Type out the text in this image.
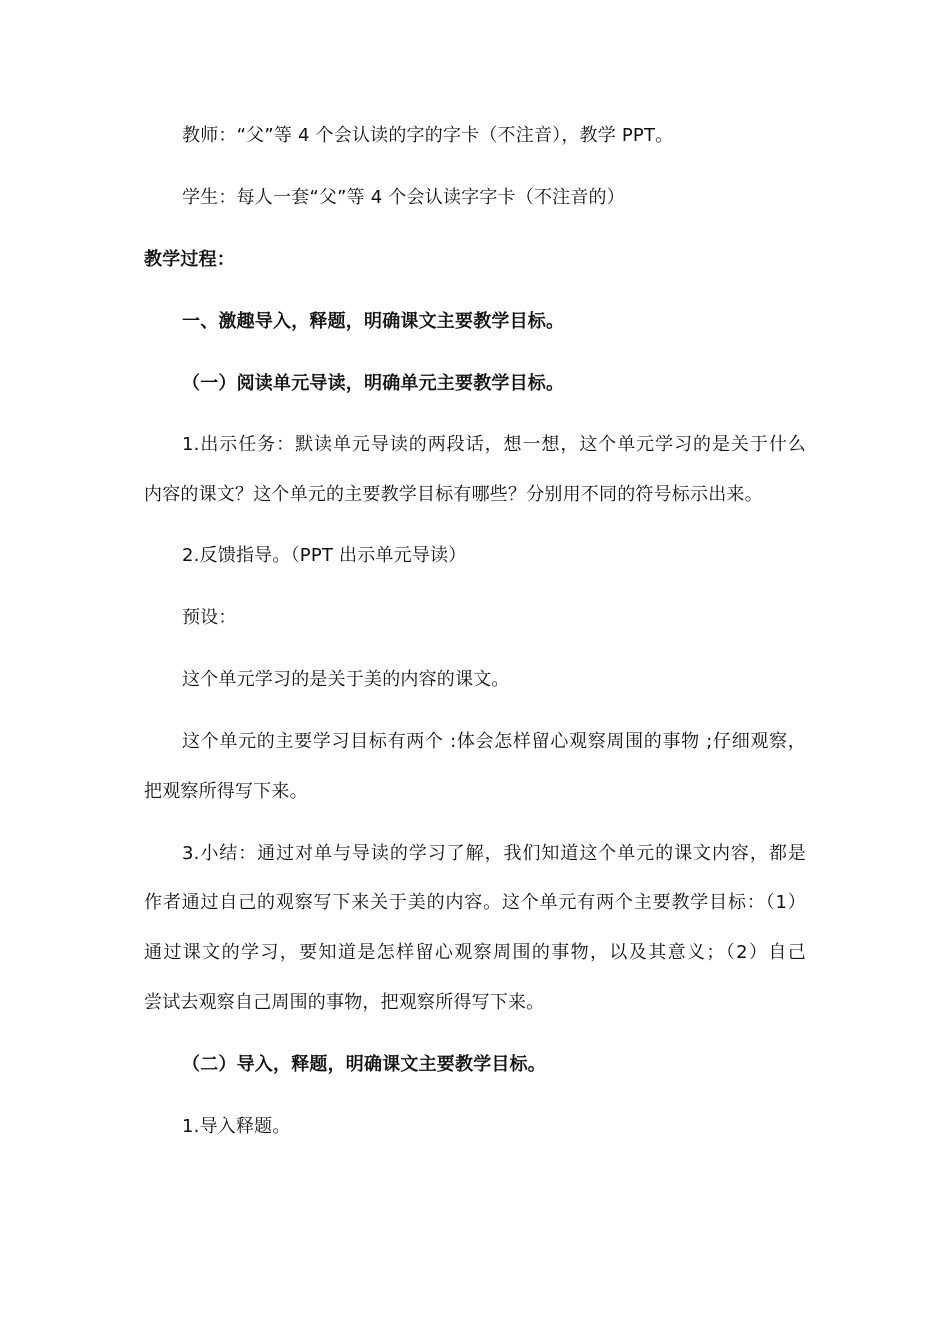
教师：“父”等 4 个会认读的字的字卡（不注音），教学 PPT。
学生：每人一套“父”等 4 个会认读字字卡（不注音的）
教学过程：
一、激趣导入，释题，明确课文主要教学目标。
（一）阅读单元导读，明确单元主要教学目标。
1.出示任务：默读单元导读的两段话，想一想，这个单元学习的是关于什么
内容的课文？这个单元的主要教学目标有哪些？分别用不同的符号标示出来。
2.反馈指导。（PPT 出示单元导读）
预设：
这个单元学习的是关于美的内容的课文。
这个单元的主要学习目标有两个 :体会怎样留心观察周围的事物 ;仔细观察，
把观察所得写下来。
3.小结：通过对单与导读的学习了解，我们知道这个单元的课文内容，都是
作者通过自己的观察写下来关于美的内容。这个单元有两个主要教学目标：（1）
通过课文的学习，要知道是怎样留心观察周围的事物，以及其意义；（2）自己
尝试去观察自己周围的事物，把观察所得写下来。
（二）导入，释题，明确课文主要教学目标。
1.导入释题。
